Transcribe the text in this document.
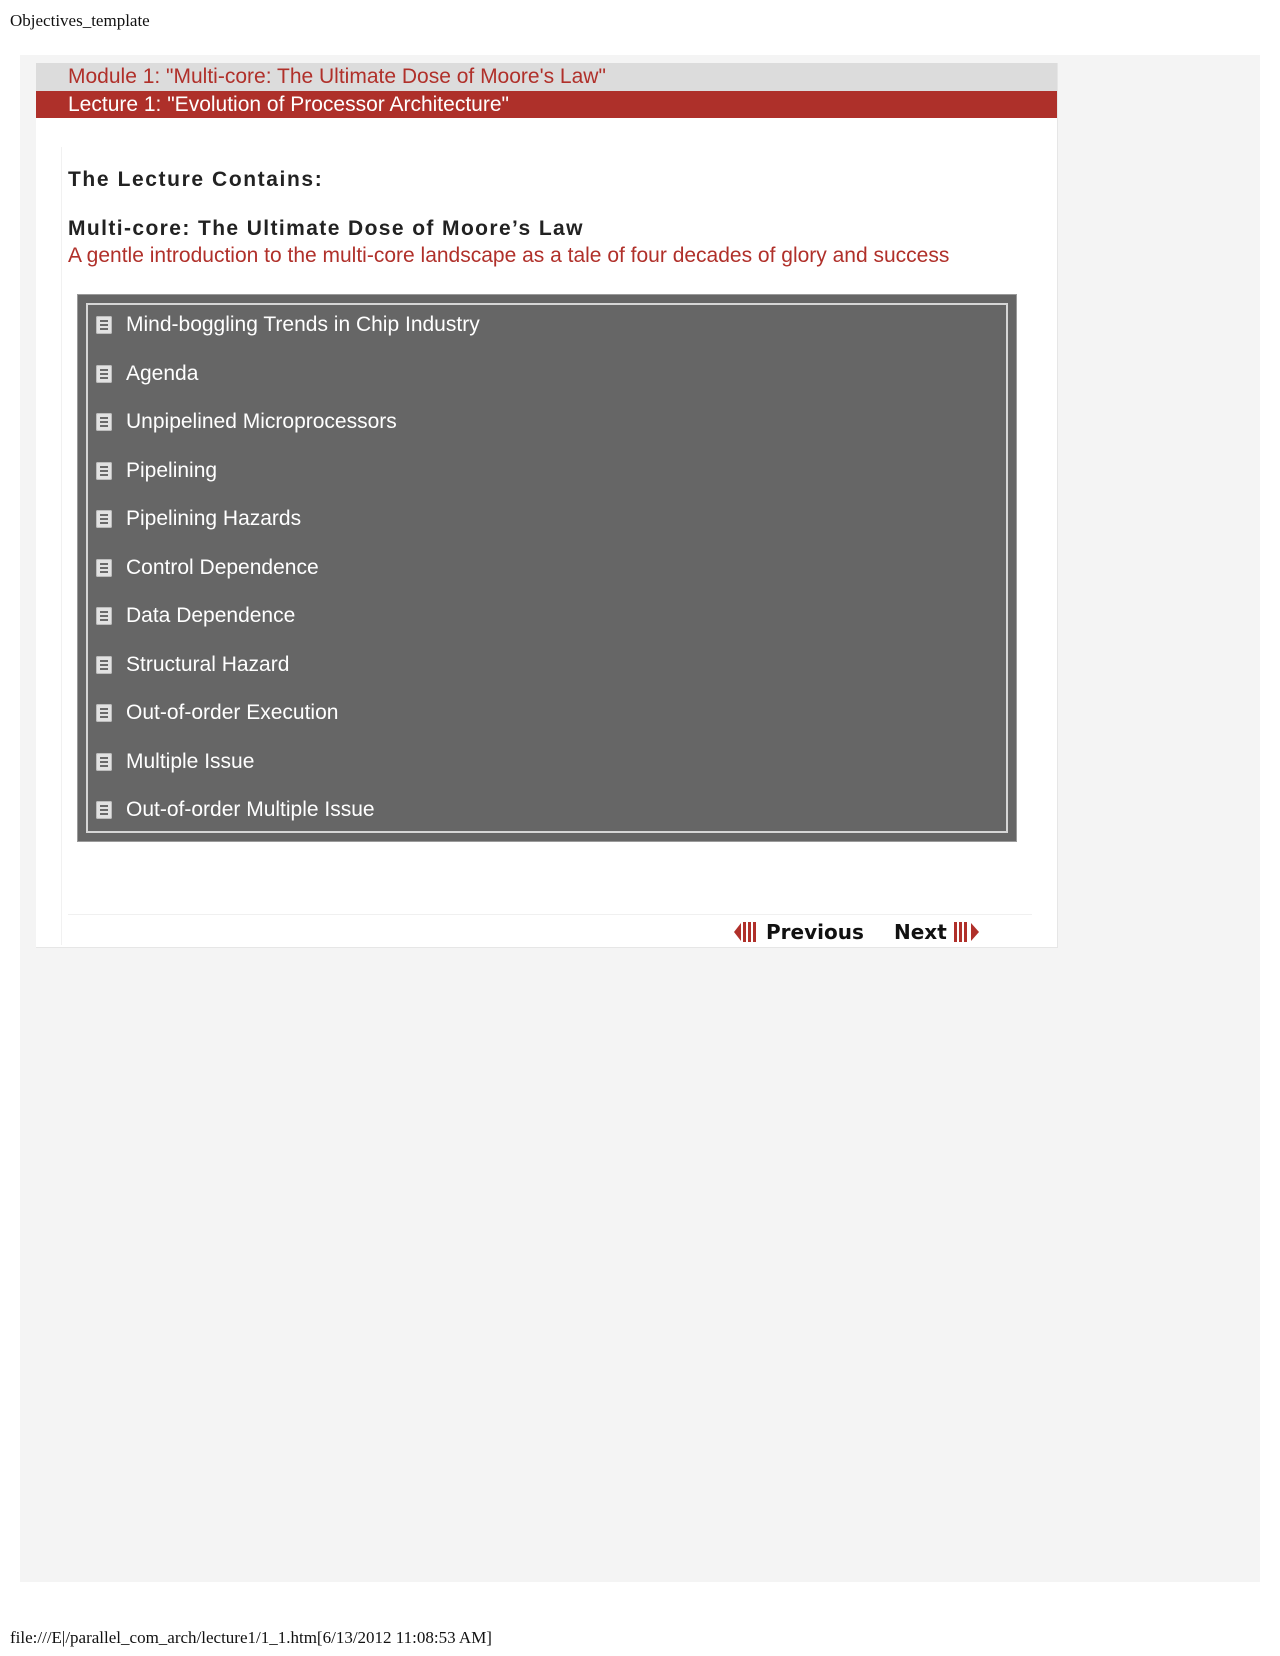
Objectives_template
Module 1: "Multi-core: The Ultimate Dose of Moore's Law"
Lecture 1: "Evolution of Processor Architecture"
The Lecture Contains:
Multi-core: The Ultimate Dose of Moore’s Law
A gentle introduction to the multi-core landscape as a tale of four decades of glory and success
Mind-boggling Trends in Chip Industry
Agenda
Unpipelined Microprocessors
Pipelining
Pipelining Hazards
Control Dependence
Data Dependence
Structural Hazard
Out-of-order Execution
Multiple Issue
Out-of-order Multiple Issue
Previous Next
file:///E|/parallel_com_arch/lecture1/1_1.htm[6/13/2012 11:08:53 AM]
